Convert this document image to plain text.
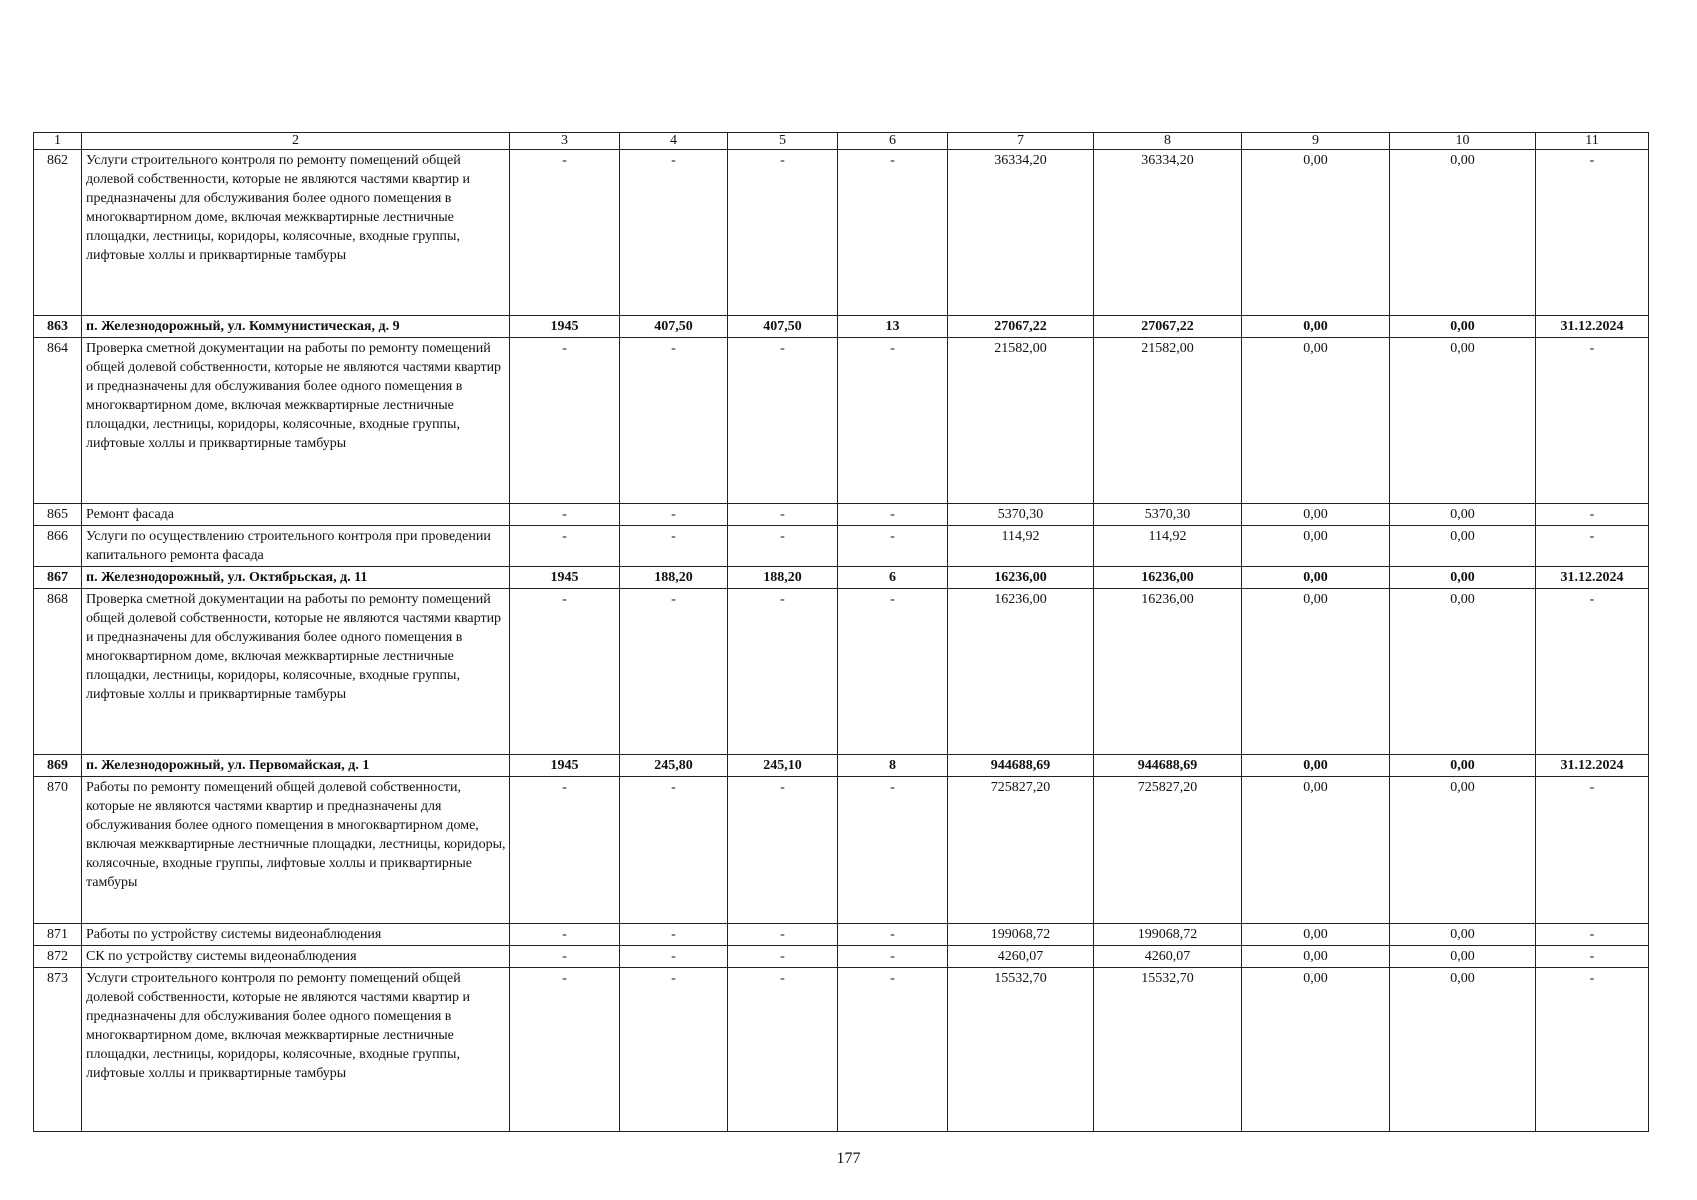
1	2	3	4	5	6	7	8	9	10	11
862	Услуги строительного контроля по ремонту помещений общей долевой собственности, которые не являются частями квартир и предназначены для обслуживания более одного помещения в многоквартирном доме, включая межквартирные лестничные площадки, лестницы, коридоры, колясочные, входные группы, лифтовые холлы и приквартирные тамбуры	-	-	-	-	36334,20	36334,20	0,00	0,00	-
863	п. Железнодорожный, ул. Коммунистическая, д. 9	1945	407,50	407,50	13	27067,22	27067,22	0,00	0,00	31.12.2024
864	Проверка сметной документации на работы по ремонту помещений общей долевой собственности, которые не являются частями квартир и предназначены для обслуживания более одного помещения в многоквартирном доме, включая межквартирные лестничные площадки, лестницы, коридоры, колясочные, входные группы, лифтовые холлы и приквартирные тамбуры	-	-	-	-	21582,00	21582,00	0,00	0,00	-
865	Ремонт фасада	-	-	-	-	5370,30	5370,30	0,00	0,00	-
866	Услуги по осуществлению строительного контроля при проведении капитального ремонта фасада	-	-	-	-	114,92	114,92	0,00	0,00	-
867	п. Железнодорожный, ул. Октябрьская, д. 11	1945	188,20	188,20	6	16236,00	16236,00	0,00	0,00	31.12.2024
868	Проверка сметной документации на работы по ремонту помещений общей долевой собственности, которые не являются частями квартир и предназначены для обслуживания более одного помещения в многоквартирном доме, включая межквартирные лестничные площадки, лестницы, коридоры, колясочные, входные группы, лифтовые холлы и приквартирные тамбуры	-	-	-	-	16236,00	16236,00	0,00	0,00	-
869	п. Железнодорожный, ул. Первомайская, д. 1	1945	245,80	245,10	8	944688,69	944688,69	0,00	0,00	31.12.2024
870	Работы по ремонту помещений общей долевой собственности, которые не являются частями квартир и предназначены для обслуживания более одного помещения в многоквартирном доме, включая межквартирные лестничные площадки, лестницы, коридоры, колясочные, входные группы, лифтовые холлы и приквартирные тамбуры	-	-	-	-	725827,20	725827,20	0,00	0,00	-
871	Работы по устройству системы видеонаблюдения	-	-	-	-	199068,72	199068,72	0,00	0,00	-
872	СК по устройству системы видеонаблюдения	-	-	-	-	4260,07	4260,07	0,00	0,00	-
873	Услуги строительного контроля по ремонту помещений общей долевой собственности, которые не являются частями квартир и предназначены для обслуживания более одного помещения в многоквартирном доме, включая межквартирные лестничные площадки, лестницы, коридоры, колясочные, входные группы, лифтовые холлы и приквартирные тамбуры	-	-	-	-	15532,70	15532,70	0,00	0,00	-
177
